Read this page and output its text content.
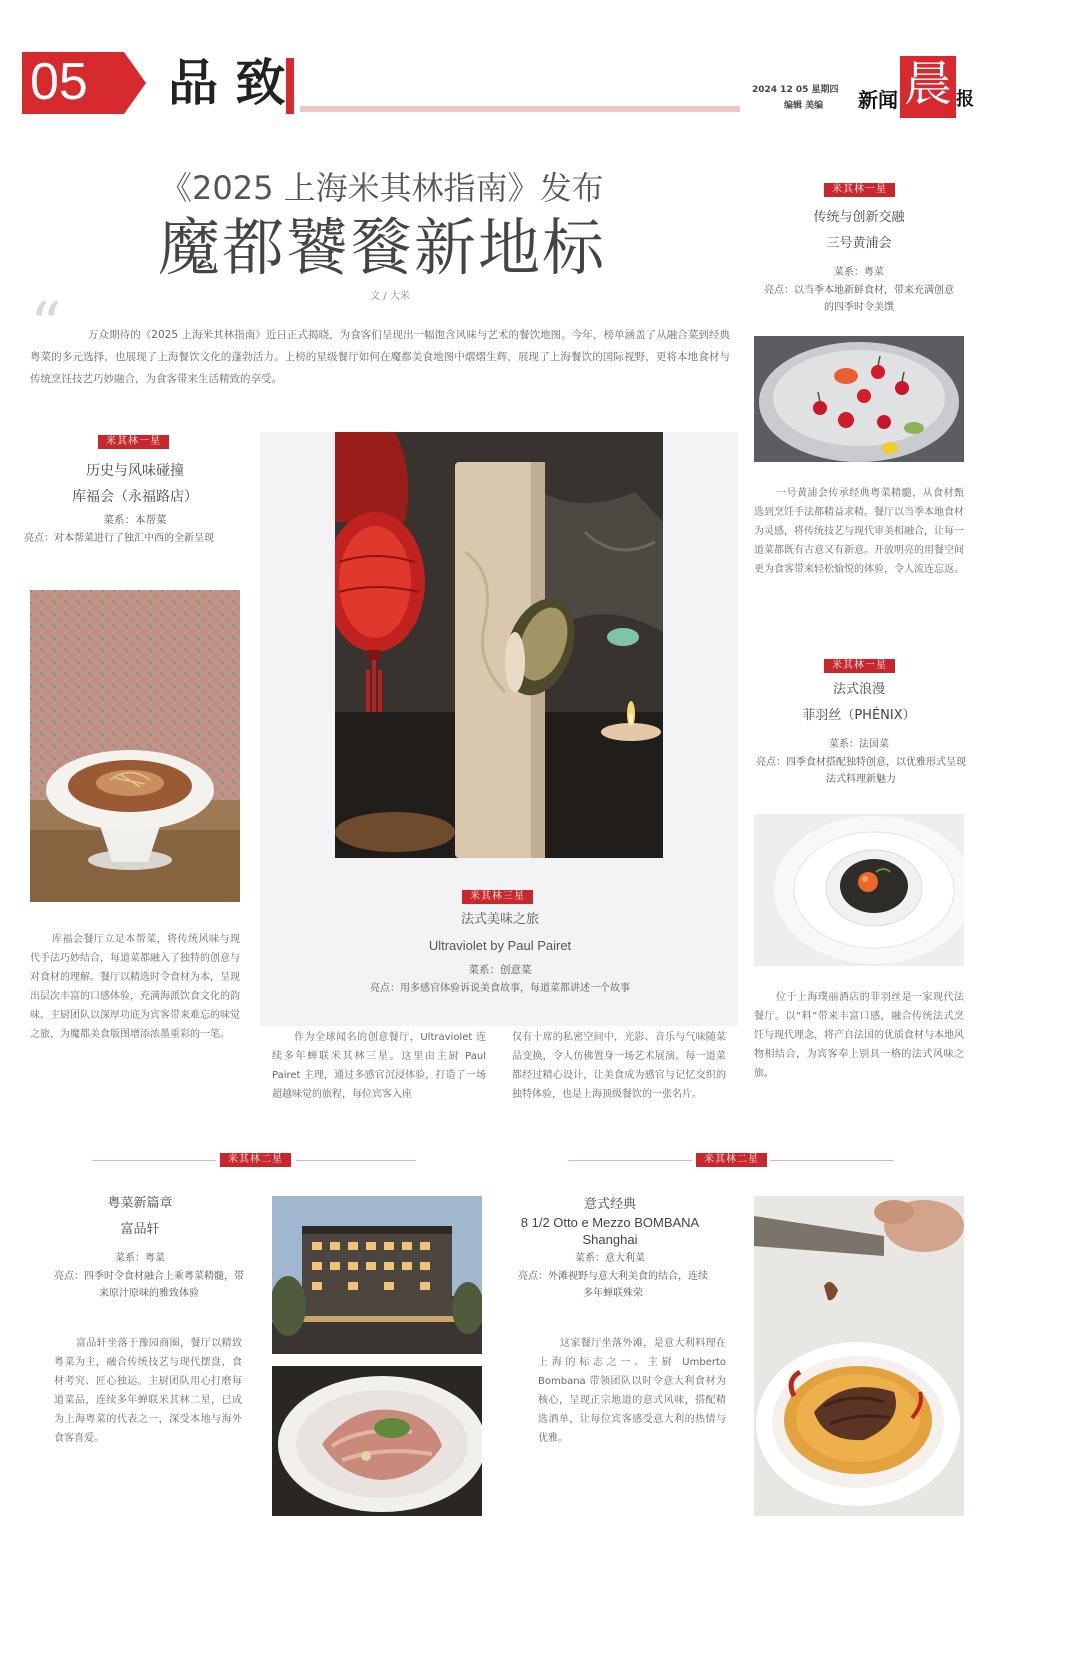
05	品 致	2024 12 05 星期四
编辑 美编 新闻 晨 报
《2025 上海米其林指南》发布
魔都饕餮新地标
文 / 大米
“	万众期待的《2025 上海米其林指南》近日正式揭晓，为食客们呈现出一幅饱含风味与艺术的餐饮地图。今年，榜单涵盖了从融合菜到经典粤菜的多元选择，也展现了上海餐饮文化的蓬勃活力。上榜的星级餐厅如何在魔都美食地图中熠熠生辉，展现了上海餐饮的国际视野，更将本地食材与传统烹饪技艺巧妙融合，为食客带来生活精致的享受。
米其林一星
历史与风味碰撞
库福会（永福路店）
菜系：本帮菜
亮点：对本帮菜进行了独汇中西的全新呈现
库福会餐厅立足本帮菜，将传统风味与现代手法巧妙结合，每道菜都融入了独特的创意与对食材的理解。餐厅以精选时令食材为本，呈现出层次丰富的口感体验，充满海派饮食文化的韵味。主厨团队以深厚功底为宾客带来难忘的味觉之旅，为魔都美食版图增添浓墨重彩的一笔。
米其林三星
法式美味之旅
Ultraviolet by Paul Pairet
菜系：创意菜
亮点：用多感官体验诉说美食故事，每道菜都讲述一个故事
作为全球闻名的创意餐厅，Ultraviolet 连续多年蝉联米其林三星。这里由主厨 Paul Pairet 主理，通过多感官沉浸体验，打造了一场超越味觉的旅程，每位宾客入座
仅有十席的私密空间中，光影、音乐与气味随菜品变换，令人仿佛置身一场艺术展演。每一道菜都经过精心设计，让美食成为感官与记忆交织的独特体验，也是上海顶级餐饮的一张名片。
米其林一星
传统与创新交融
三号黄浦会
菜系：粤菜
亮点：以当季本地新鲜食材，带来充满创意的四季时令美馔
一号黄浦会传承经典粤菜精髓，从食材甄选到烹饪手法都精益求精。餐厅以当季本地食材为灵感，将传统技艺与现代审美相融合，让每一道菜都既有古意又有新意。开放明亮的用餐空间更为食客带来轻松愉悦的体验，令人流连忘返。
米其林一星
法式浪漫
菲羽丝（PHÉNIX）
菜系：法国菜
亮点：四季食材搭配独特创意，以优雅形式呈现法式料理新魅力
位于上海璞丽酒店的菲羽丝是一家现代法餐厅。以“料”带来丰富口感，融合传统法式烹饪与现代理念，将产自法国的优质食材与本地风物相结合，为宾客奉上别具一格的法式风味之旅。
米其林二星
粤菜新篇章
富品轩
菜系：粤菜
亮点：四季时令食材融合上乘粤菜精髓，带来原汁原味的雅致体验
富品轩坐落于豫园商圈，餐厅以精致粤菜为主，融合传统技艺与现代摆盘，食材考究、匠心独运。主厨团队用心打磨每道菜品，连续多年蝉联米其林二星，已成为上海粤菜的代表之一，深受本地与海外食客喜爱。
米其林二星
意式经典
8 1/2 Otto e Mezzo BOMBANA Shanghai
菜系：意大利菜
亮点：外滩视野与意大利美食的结合，连续多年蝉联殊荣
这家餐厅坐落外滩，是意大利料理在上海的标志之一。主厨 Umberto Bombana 带领团队以时令意大利食材为核心，呈现正宗地道的意式风味，搭配精选酒单，让每位宾客感受意大利的热情与优雅。
